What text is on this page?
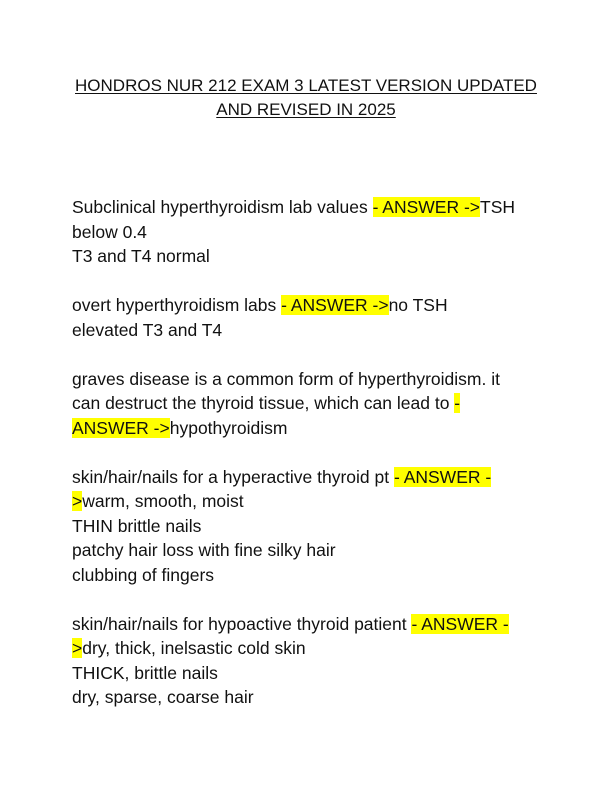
HONDROS NUR 212 EXAM 3 LATEST VERSION UPDATED
AND REVISED IN 2025
Subclinical hyperthyroidism lab values - ANSWER ->TSH
below 0.4
T3 and T4 normal
overt hyperthyroidism labs - ANSWER ->no TSH
elevated T3 and T4
graves disease is a common form of hyperthyroidism. it
can destruct the thyroid tissue, which can lead to -
ANSWER ->hypothyroidism
skin/hair/nails for a hyperactive thyroid pt - ANSWER -
>warm, smooth, moist
THIN brittle nails
patchy hair loss with fine silky hair
clubbing of fingers
skin/hair/nails for hypoactive thyroid patient - ANSWER -
>dry, thick, inelsastic cold skin
THICK, brittle nails
dry, sparse, coarse hair
